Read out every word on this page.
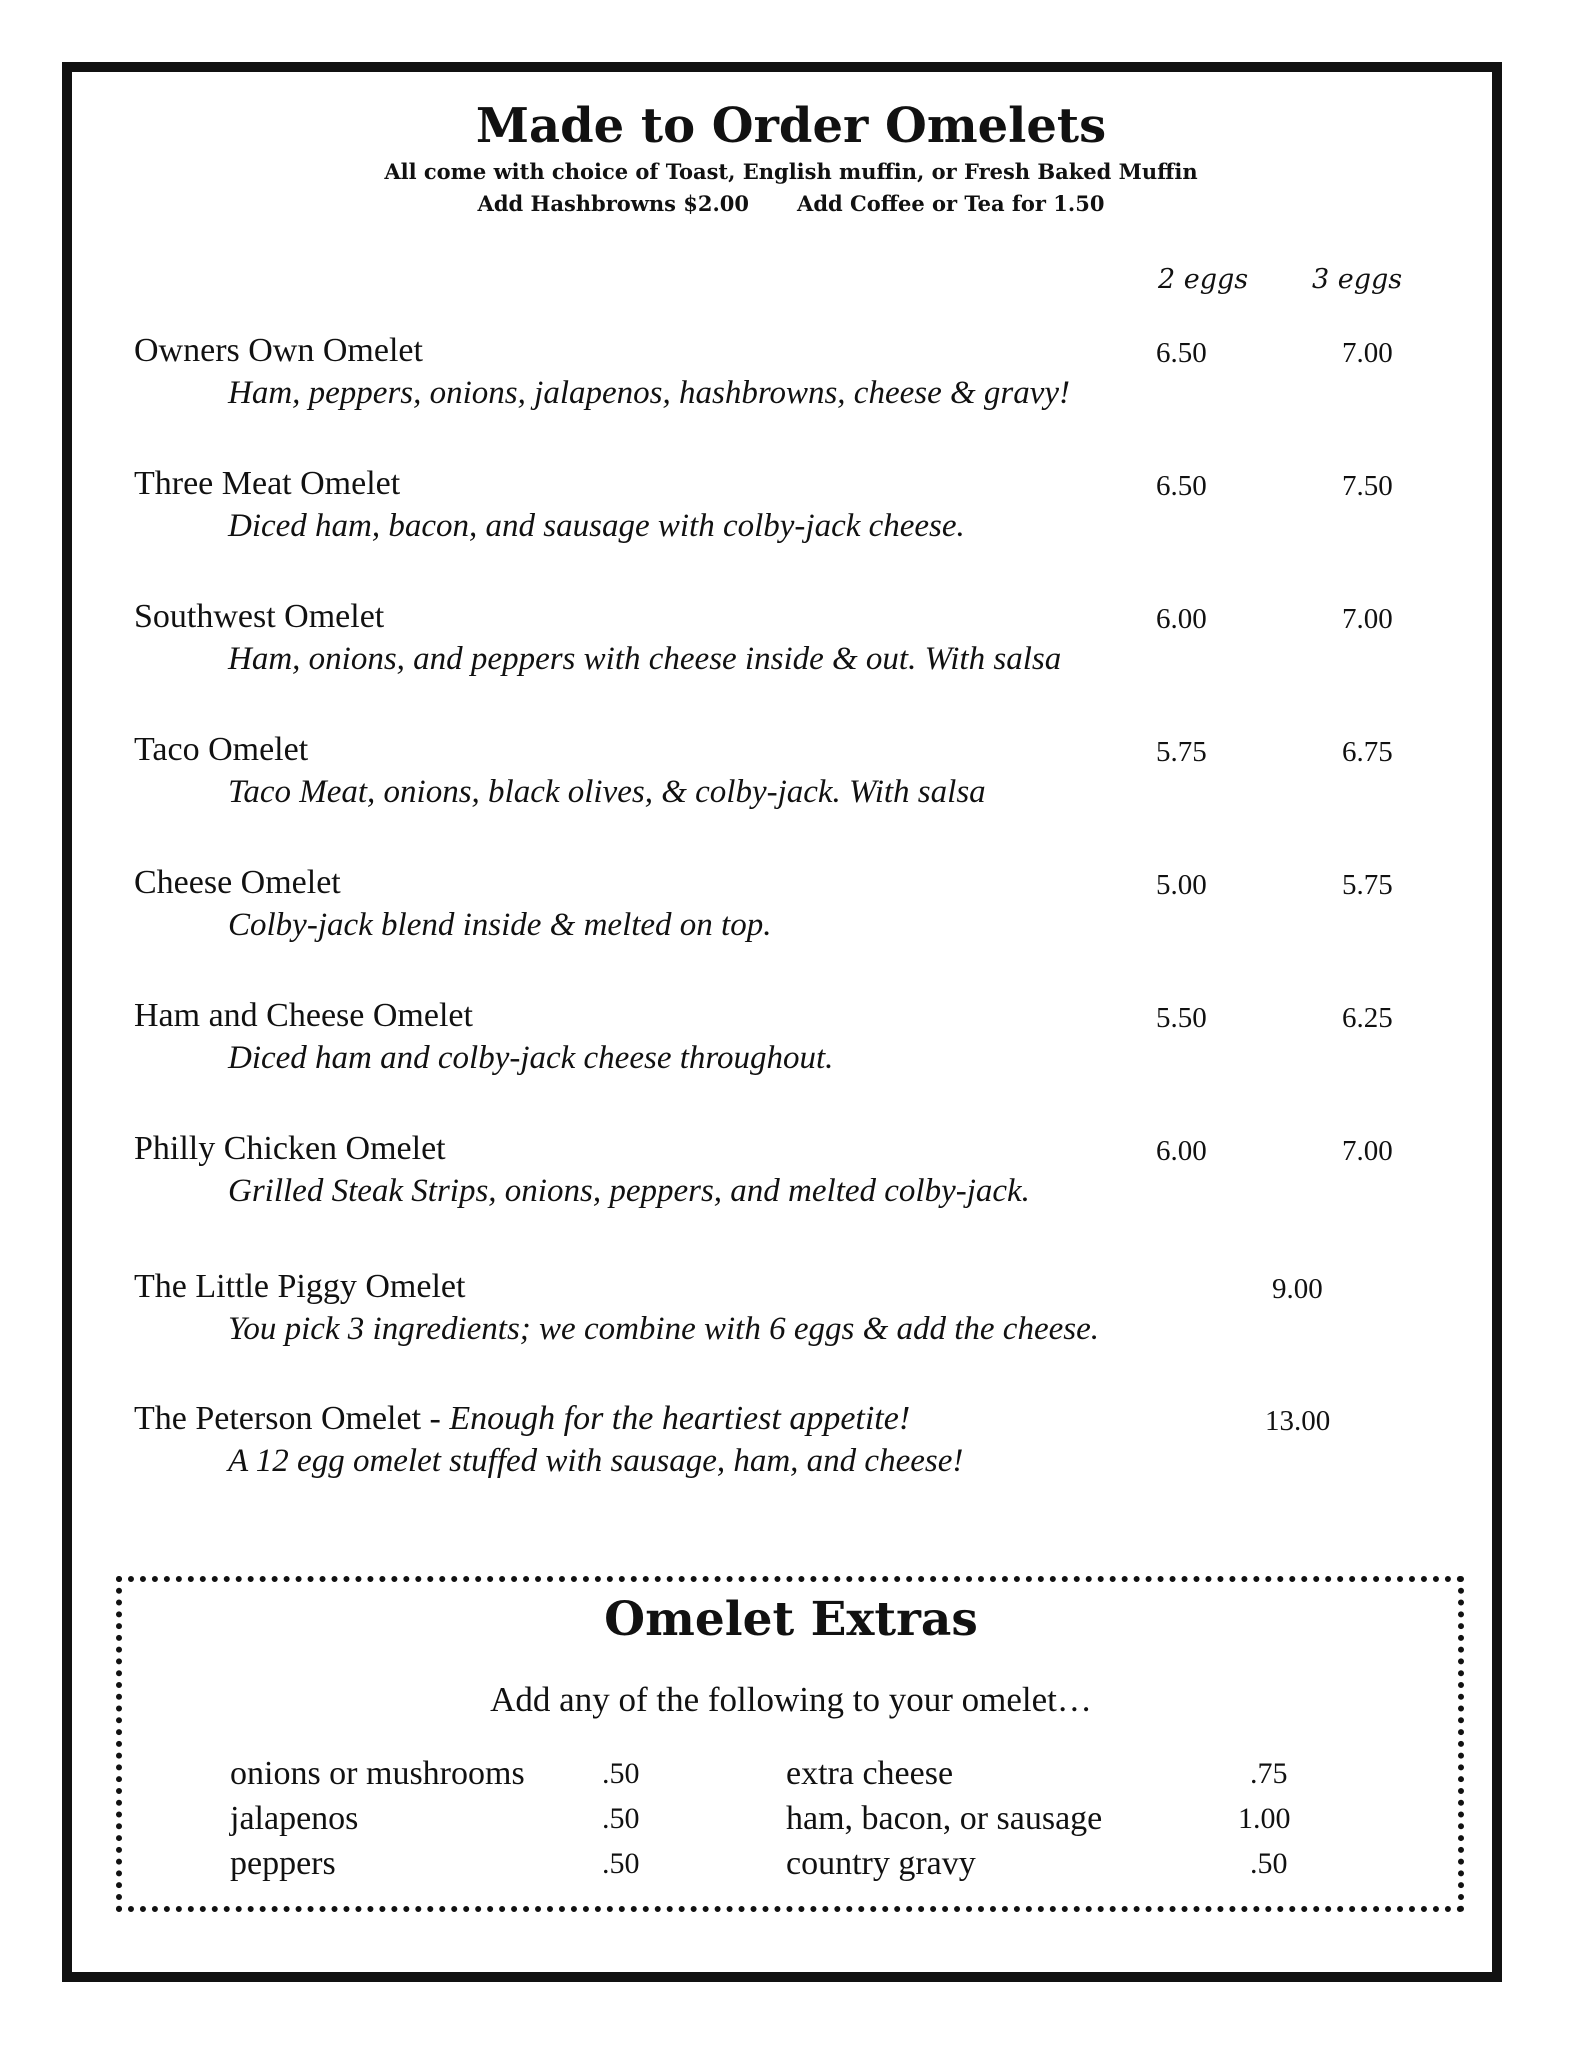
Made to Order Omelets
All come with choice of Toast, English muffin, or Fresh Baked Muffin
Add Hashbrowns $2.00 Add Coffee or Tea for 1.50
2 eggs 3 eggs
Owners Own Omelet
Ham, peppers, onions, jalapenos, hashbrowns, cheese & gravy!
6.50	7.00
Three Meat Omelet
Diced ham, bacon, and sausage with colby-jack cheese.
6.50	7.50
Southwest Omelet
Ham, onions, and peppers with cheese inside & out. With salsa
6.00	7.00
Taco Omelet
Taco Meat, onions, black olives, & colby-jack. With salsa
5.75	6.75
Cheese Omelet
Colby-jack blend inside & melted on top.
5.00	5.75
Ham and Cheese Omelet
Diced ham and colby-jack cheese throughout.
5.50	6.25
Philly Chicken Omelet
Grilled Steak Strips, onions, peppers, and melted colby-jack.
6.00	7.00
The Little Piggy Omelet
You pick 3 ingredients; we combine with 6 eggs & add the cheese.
9.00
The Peterson Omelet - Enough for the heartiest appetite!
A 12 egg omelet stuffed with sausage, ham, and cheese!
13.00
Omelet Extras
Add any of the following to your omelet…
onions or mushrooms	.50
jalapenos	.50
peppers	.50
extra cheese	.75
ham, bacon, or sausage	1.00
country gravy	.50
